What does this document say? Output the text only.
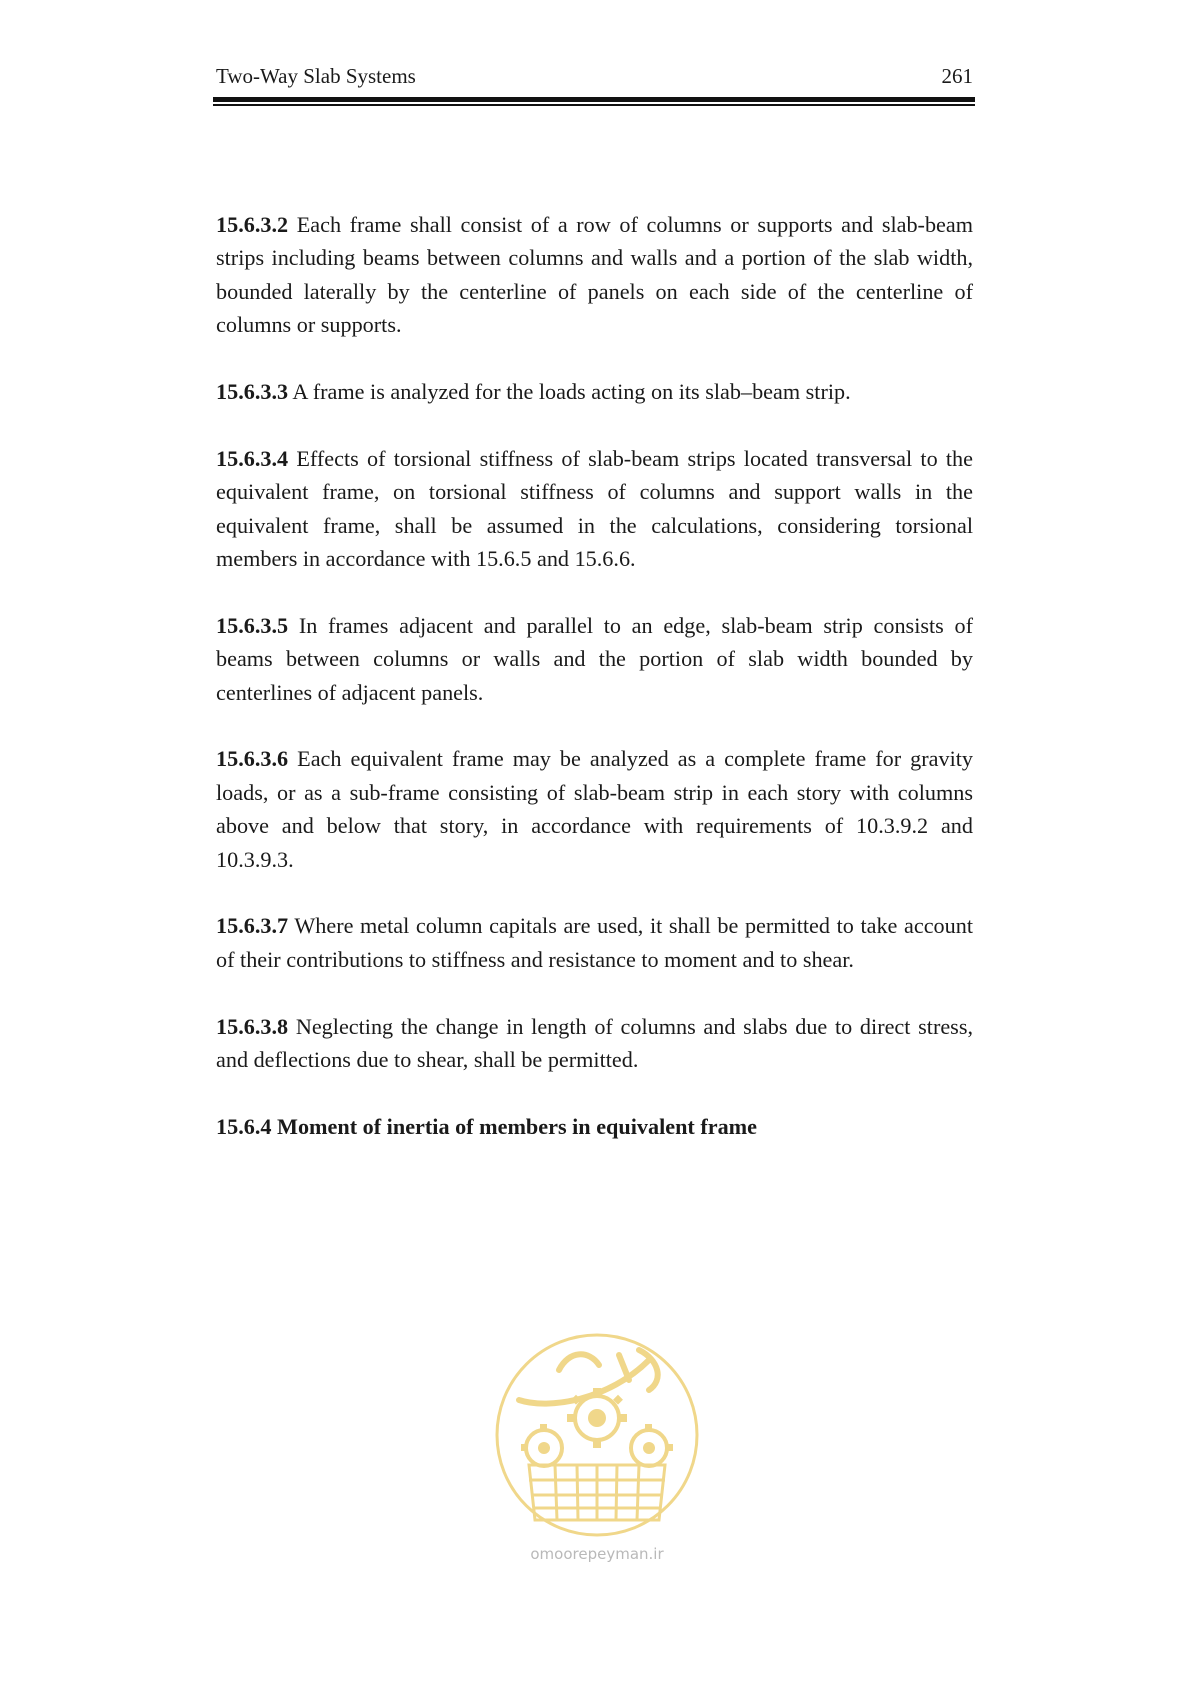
Two-Way Slab Systems	261

15.6.3.2 Each frame shall consist of a row of columns or supports and slab-beam strips including beams between columns and walls and a portion of the slab width, bounded laterally by the centerline of panels on each side of the centerline of columns or supports.

15.6.3.3 A frame is analyzed for the loads acting on its slab–beam strip.

15.6.3.4 Effects of torsional stiffness of slab-beam strips located transversal to the equivalent frame, on torsional stiffness of columns and support walls in the equivalent frame, shall be assumed in the calculations, considering torsional members in accordance with 15.6.5 and 15.6.6.

15.6.3.5 In frames adjacent and parallel to an edge, slab-beam strip consists of beams between columns or walls and the portion of slab width bounded by centerlines of adjacent panels.

15.6.3.6 Each equivalent frame may be analyzed as a complete frame for gravity loads, or as a sub-frame consisting of slab-beam strip in each story with columns above and below that story, in accordance with requirements of 10.3.9.2 and 10.3.9.3.

15.6.3.7 Where metal column capitals are used, it shall be permitted to take account of their contributions to stiffness and resistance to moment and to shear.

15.6.3.8 Neglecting the change in length of columns and slabs due to direct stress, and deflections due to shear, shall be permitted.

15.6.4 Moment of inertia of members in equivalent frame

omoorepeyman.ir
